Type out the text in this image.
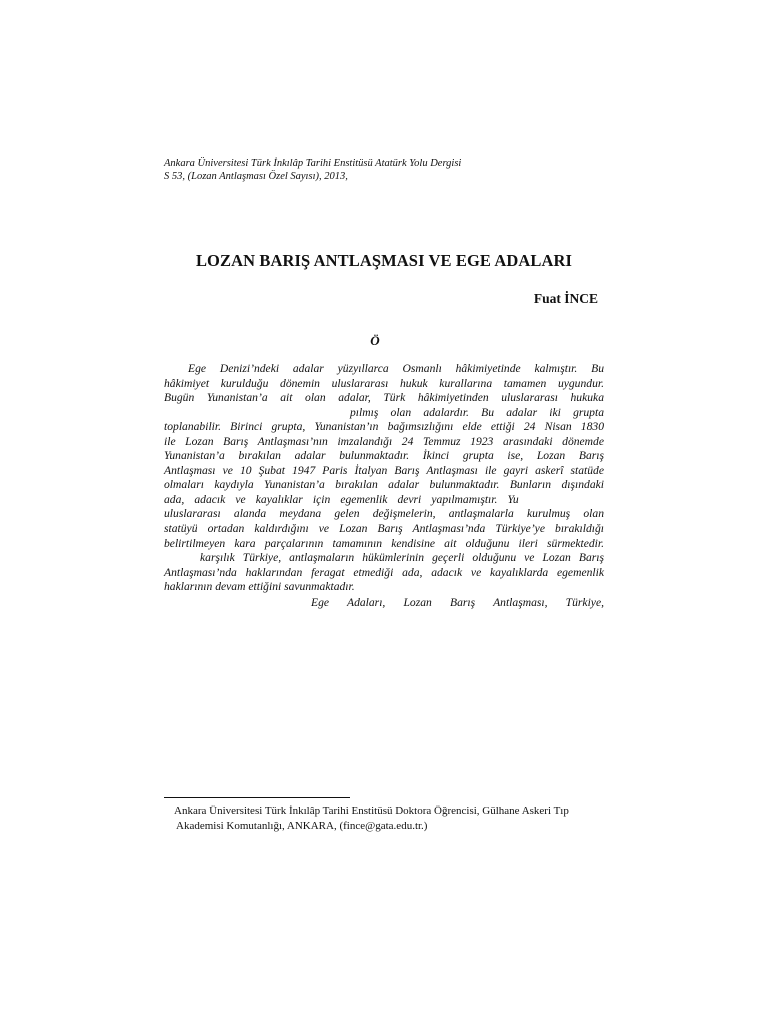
Ankara Üniversitesi Türk İnkılâp Tarihi Enstitüsü Atatürk Yolu Dergisi
S 53, (Lozan Antlaşması Özel Sayısı), 2013,
LOZAN BARIŞ ANTLAŞMASI VE EGE ADALARI
Fuat İNCE
Ö
Ege Denizi’ndeki adalar yüzyıllarca Osmanlı hâkimiyetinde kalmıştır. Bu
hâkimiyet kurulduğu dönemin uluslararası hukuk kurallarına tamamen uygundur.
Bugün Yunanistan’a ait olan adalar, Türk hâkimiyetinden uluslararası hukuka
pılmış olan adalardır. Bu adalar iki grupta
toplanabilir. Birinci grupta, Yunanistan’ın bağımsızlığını elde ettiği 24 Nisan 1830
ile Lozan Barış Antlaşması’nın imzalandığı 24 Temmuz 1923 arasındaki dönemde
Yunanistan’a bırakılan adalar bulunmaktadır. İkinci grupta ise, Lozan Barış
Antlaşması ve 10 Şubat 1947 Paris İtalyan Barış Antlaşması ile gayri askerî statüde
olmaları kaydıyla Yunanistan’a bırakılan adalar bulunmaktadır. Bunların dışındaki
ada, adacık ve kayalıklar için egemenlik devri yapılmamıştır. Yu
uluslararası alanda meydana gelen değişmelerin, antlaşmalarla kurulmuş olan
statüyü ortadan kaldırdığını ve Lozan Barış Antlaşması’nda Türkiye’ye bırakıldığı
belirtilmeyen kara parçalarının tamamının kendisine ait olduğunu ileri sürmektedir.
karşılık Türkiye, antlaşmaların hükümlerinin geçerli olduğunu ve Lozan Barış
Antlaşması’nda haklarından feragat etmediği ada, adacık ve kayalıklarda egemenlik
haklarının devam ettiğini savunmaktadır.
Ege Adaları, Lozan Barış Antlaşması, Türkiye,
Ankara Üniversitesi Türk İnkılâp Tarihi Enstitüsü Doktora Öğrencisi, Gülhane Askeri Tıp
Akademisi Komutanlığı, ANKARA, (fince@gata.edu.tr.)
